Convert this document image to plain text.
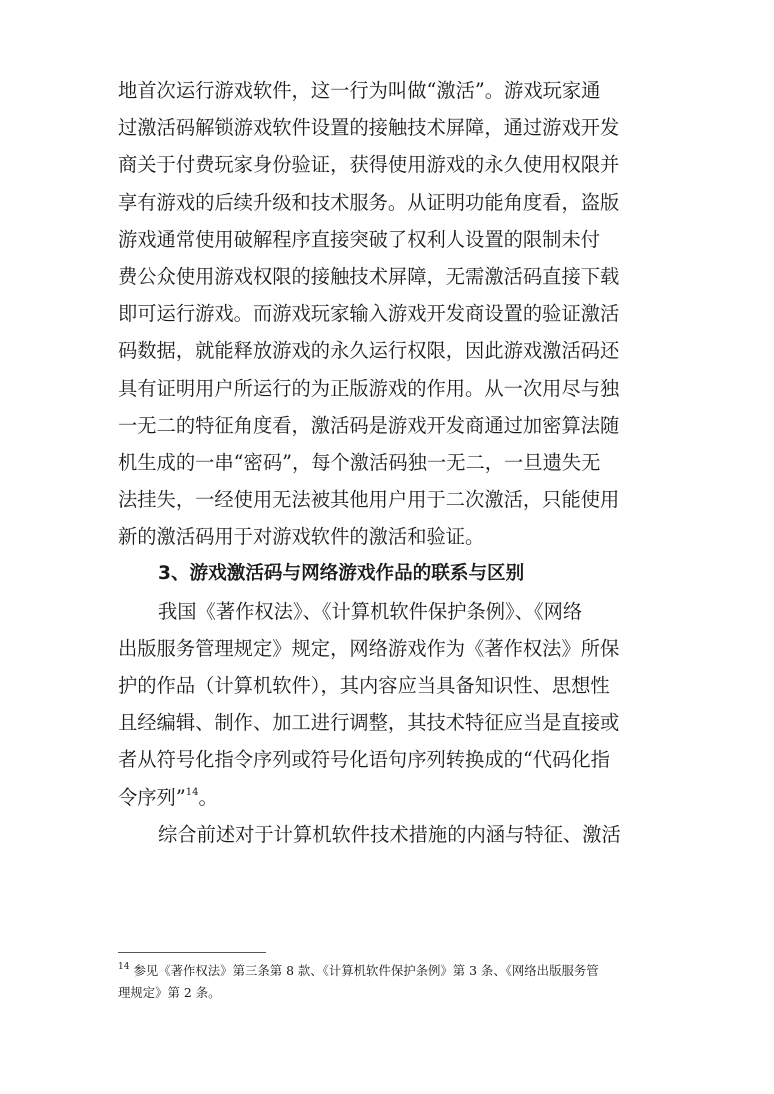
地首次运行游戏软件，这一行为叫做“激活”。游戏玩家通
过激活码解锁游戏软件设置的接触技术屏障，通过游戏开发
商关于付费玩家身份验证，获得使用游戏的永久使用权限并
享有游戏的后续升级和技术服务。从证明功能角度看，盗版
游戏通常使用破解程序直接突破了权利人设置的限制未付
费公众使用游戏权限的接触技术屏障，无需激活码直接下载
即可运行游戏。而游戏玩家输入游戏开发商设置的验证激活
码数据，就能释放游戏的永久运行权限，因此游戏激活码还
具有证明用户所运行的为正版游戏的作用。从一次用尽与独
一无二的特征角度看，激活码是游戏开发商通过加密算法随
机生成的一串“密码”，每个激活码独一无二，一旦遗失无
法挂失，一经使用无法被其他用户用于二次激活，只能使用
新的激活码用于对游戏软件的激活和验证。
3、游戏激活码与网络游戏作品的联系与区别
我国《著作权法》、《计算机软件保护条例》、《网络
出版服务管理规定》规定，网络游戏作为《著作权法》所保
护的作品（计算机软件），其内容应当具备知识性、思想性
且经编辑、制作、加工进行调整，其技术特征应当是直接或
者从符号化指令序列或符号化语句序列转换成的“代码化指
令序列”$^{14}$。
综合前述对于计算机软件技术措施的内涵与特征、激活
$^{14}$ 参见《著作权法》第三条第 8 款、《计算机软件保护条例》第 3 条、《网络出版服务管
理规定》第 2 条。
